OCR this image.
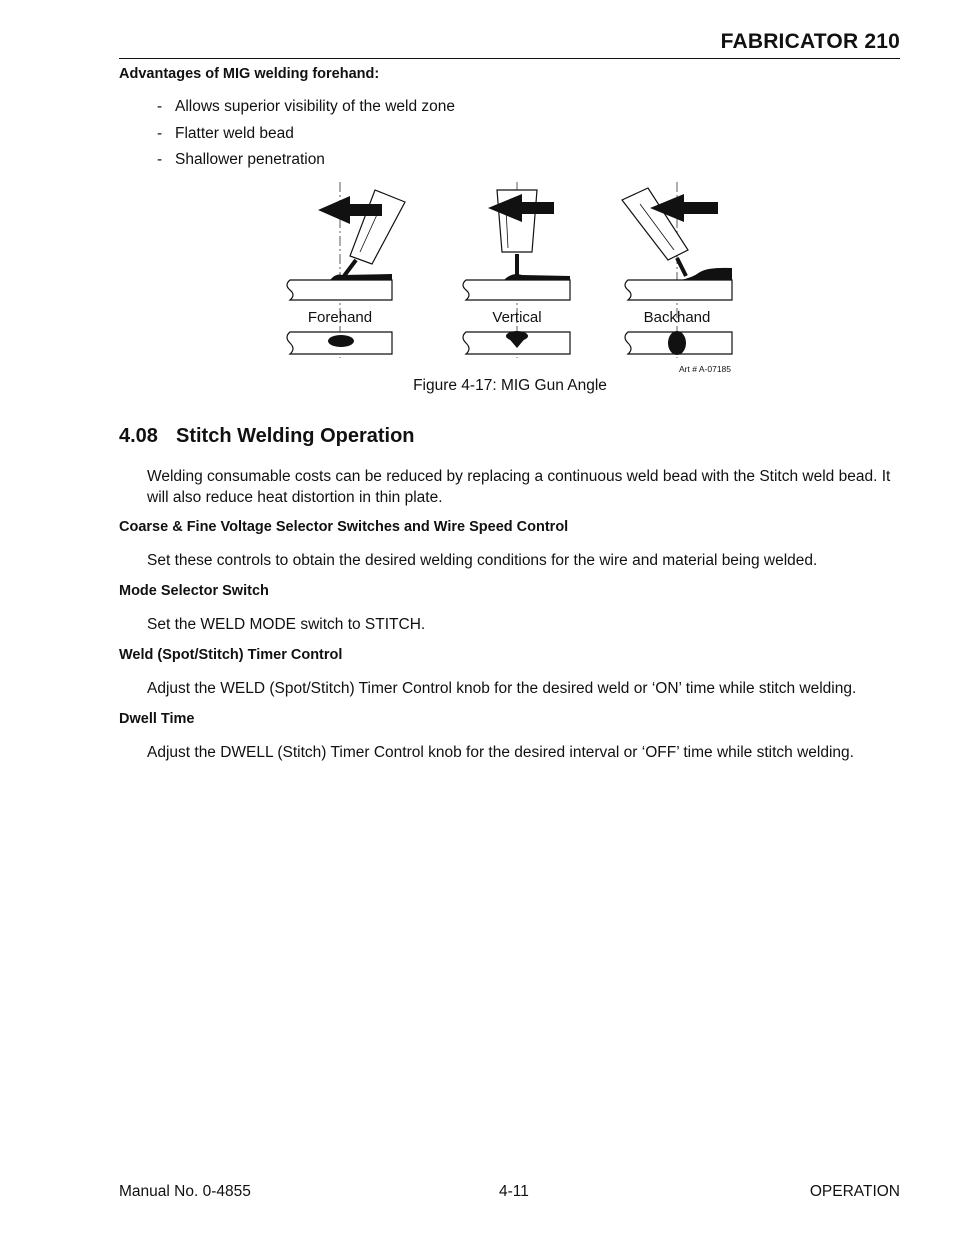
FABRICATOR 210
Advantages of MIG welding forehand:
- Allows superior visibility of the weld zone
- Flatter weld bead
- Shallower penetration
Forehand	Vertical	Backhand
Art # A-07185
Figure 4-17: MIG Gun Angle
4.08 Stitch Welding Operation
Welding consumable costs can be reduced by replacing a continuous weld bead with the Stitch weld bead. It will also reduce heat distortion in thin plate.
Coarse & Fine Voltage Selector Switches and Wire Speed Control
Set these controls to obtain the desired welding conditions for the wire and material being welded.
Mode Selector Switch
Set the WELD MODE switch to STITCH.
Weld (Spot/Stitch) Timer Control
Adjust the WELD (Spot/Stitch) Timer Control knob for the desired weld or ‘ON’ time while stitch welding.
Dwell Time
Adjust the DWELL (Stitch) Timer Control knob for the desired interval or ‘OFF’ time while stitch welding.
Manual No. 0-4855	4-11	OPERATION
